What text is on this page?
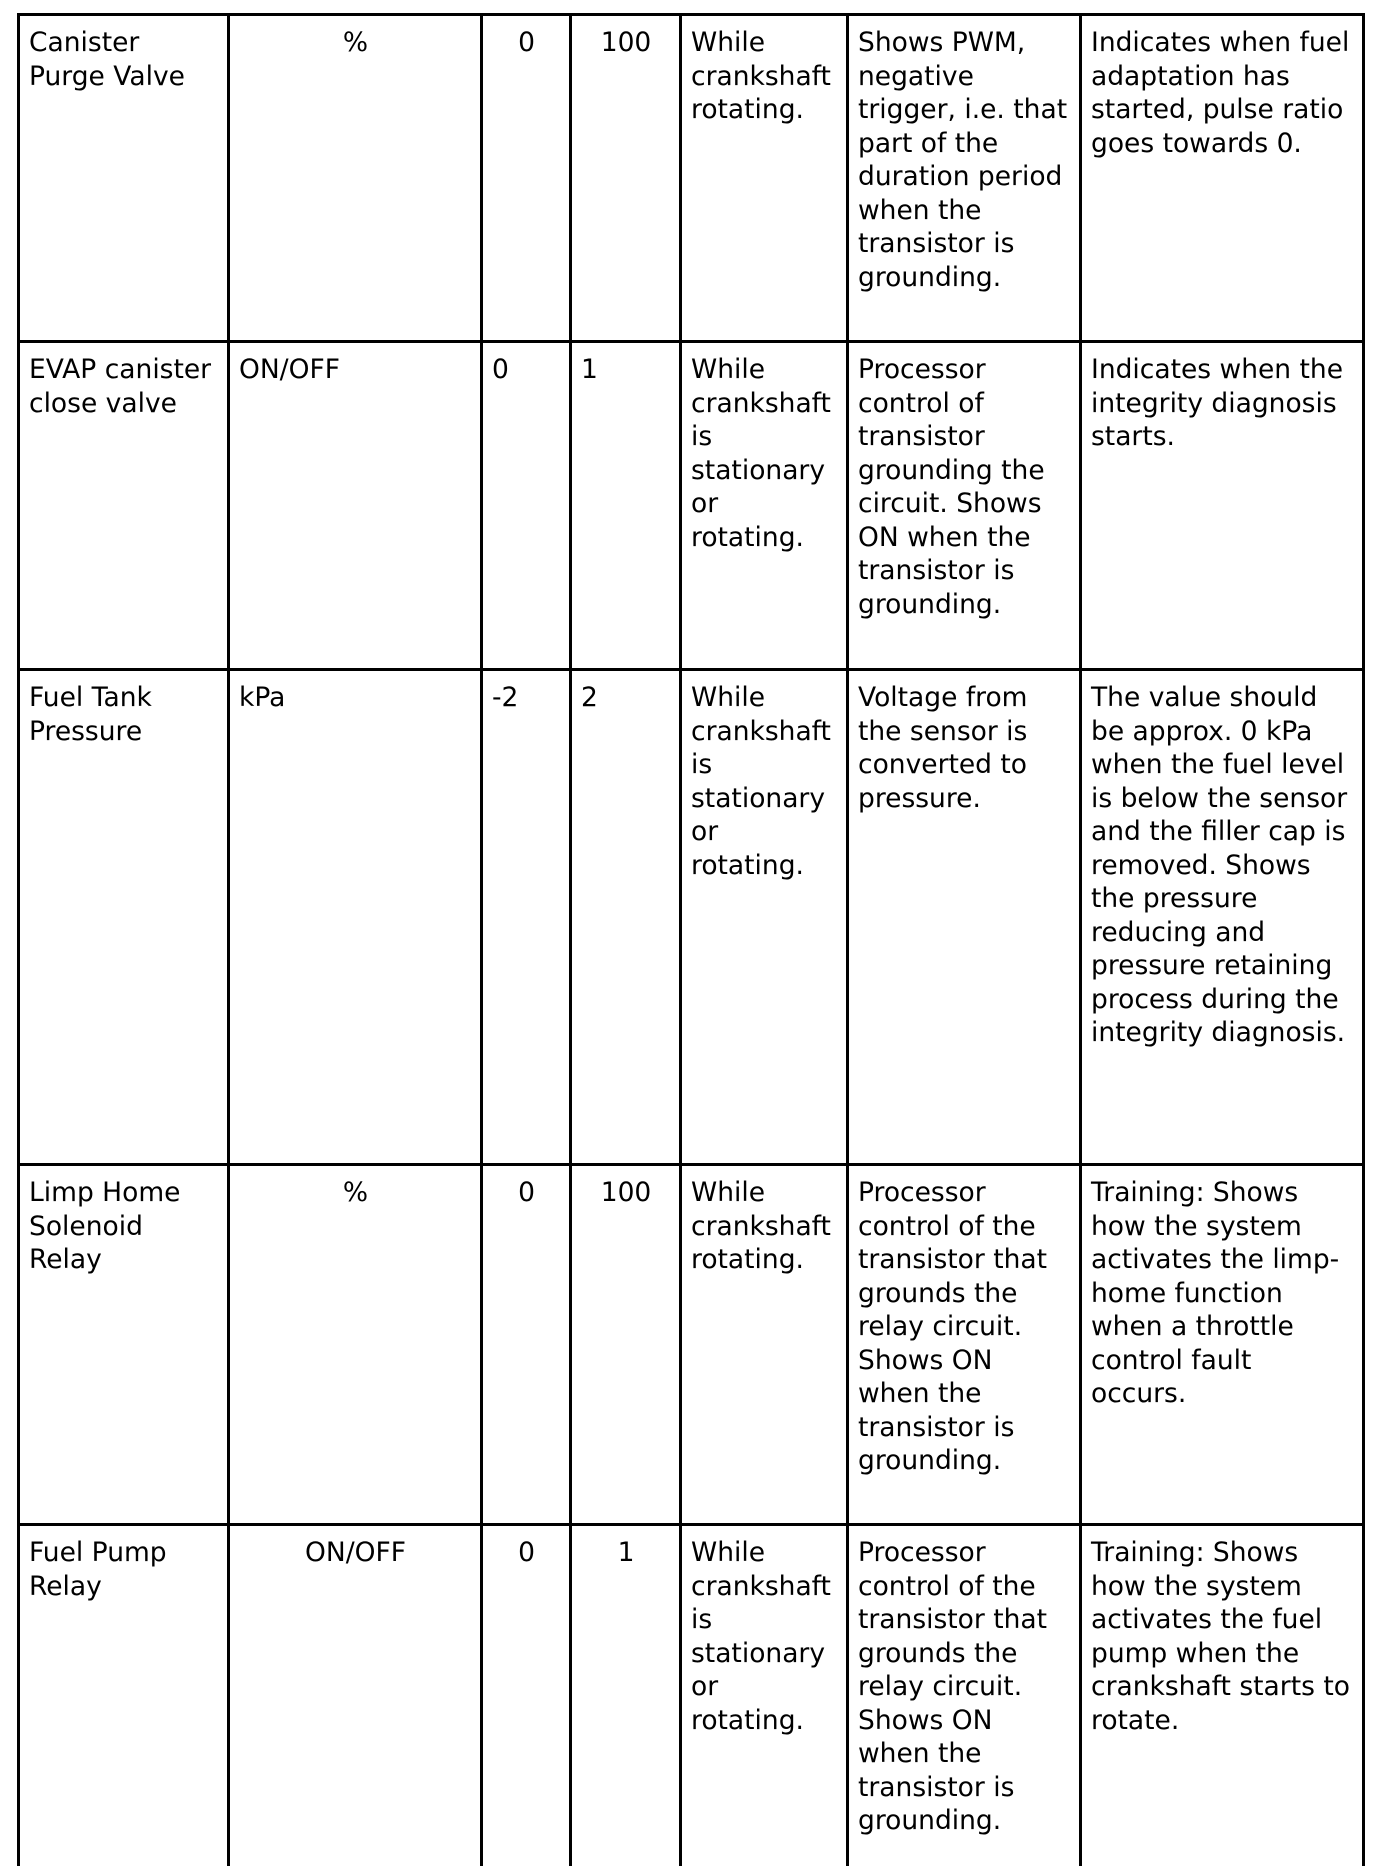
Canister Purge Valve	%	0	100	While crankshaft rotating.	Shows PWM, negative trigger, i.e. that part of the duration period when the transistor is grounding.	Indicates when fuel adaptation has started, pulse ratio goes towards 0.
EVAP canister close valve	ON/OFF	0	1	While crankshaft is stationary or rotating.	Processor control of transistor grounding the circuit. Shows ON when the transistor is grounding.	Indicates when the integrity diagnosis starts.
Fuel Tank Pressure	kPa	-2	2	While crankshaft is stationary or rotating.	Voltage from the sensor is converted to pressure.	The value should be approx. 0 kPa when the fuel level is below the sensor and the filler cap is removed. Shows the pressure reducing and pressure retaining process during the integrity diagnosis.
Limp Home Solenoid Relay	%	0	100	While crankshaft rotating.	Processor control of the transistor that grounds the relay circuit. Shows ON when the transistor is grounding.	Training: Shows how the system activates the limp-home function when a throttle control fault occurs.
Fuel Pump Relay	ON/OFF	0	1	While crankshaft is stationary or rotating.	Processor control of the transistor that grounds the relay circuit. Shows ON when the transistor is grounding.	Training: Shows how the system activates the fuel pump when the crankshaft starts to rotate.
